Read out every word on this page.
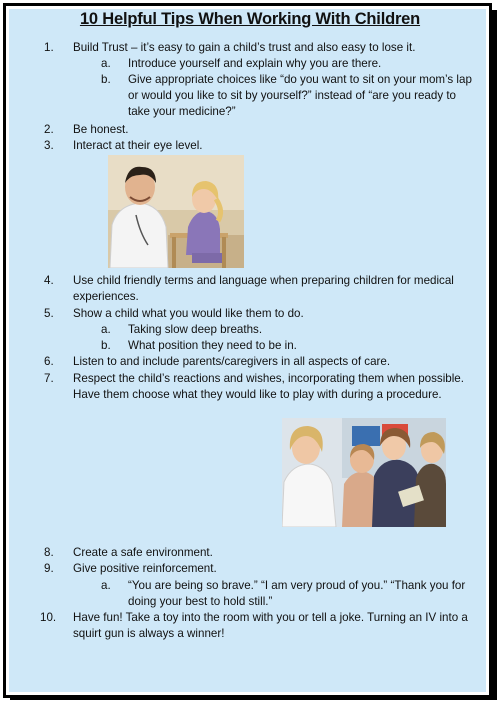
10 Helpful Tips When Working With Children
1. Build Trust – it’s easy to gain a child’s trust and also easy to lose it.
a. Introduce yourself and explain why you are there.
b. Give appropriate choices like “do you want to sit on your mom’s lap
or would you like to sit by yourself?” instead of “are you ready to
take your medicine?”
2. Be honest.
3. Interact at their eye level.
4. Use child friendly terms and language when preparing children for medical
experiences.
5. Show a child what you would like them to do.
a. Taking slow deep breaths.
b. What position they need to be in.
6. Listen to and include parents/caregivers in all aspects of care.
7. Respect the child’s reactions and wishes, incorporating them when possible.
Have them choose what they would like to play with during a procedure.
8. Create a safe environment.
9. Give positive reinforcement.
a. “You are being so brave.” “I am very proud of you.” “Thank you for
doing your best to hold still.”
10. Have fun! Take a toy into the room with you or tell a joke. Turning an IV into a
squirt gun is always a winner!
